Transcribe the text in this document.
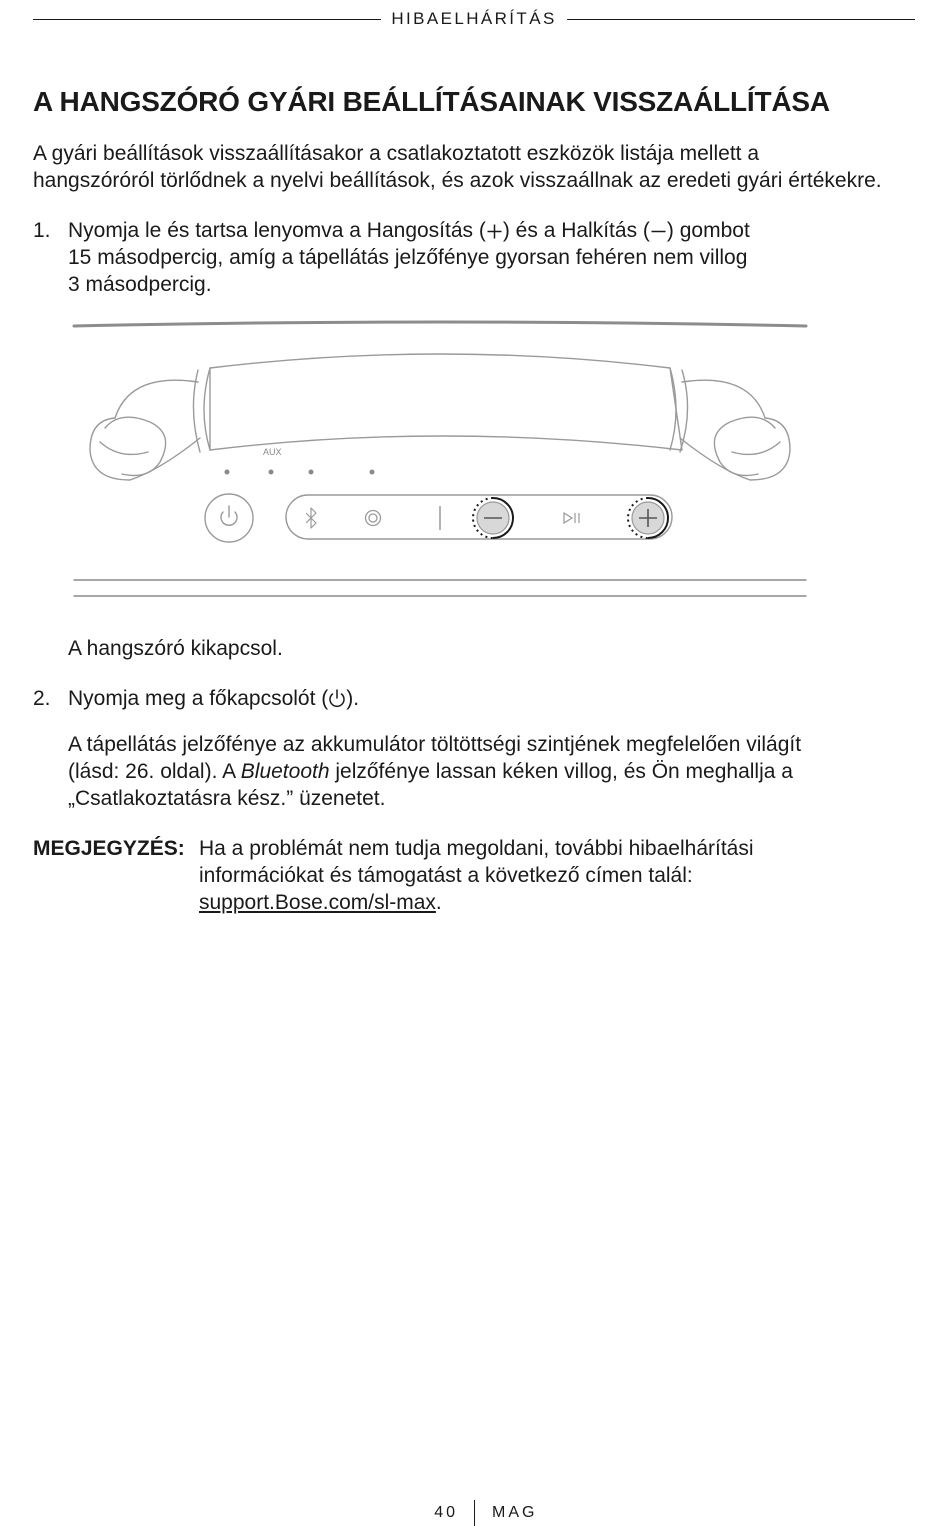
HIBAELHÁRÍTÁS
A HANGSZÓRÓ GYÁRI BEÁLLÍTÁSAINAK VISSZAÁLLÍTÁSA
A gyári beállítások visszaállításakor a csatlakoztatott eszközök listája mellett a
hangszóróról törlődnek a nyelvi beállítások, és azok visszaállnak az eredeti gyári értékekre.
1. Nyomja le és tartsa lenyomva a Hangosítás ( ) és a Halkítás ( ) gombot
15 másodpercig, amíg a tápellátás jelzőfénye gyorsan fehéren nem villog
3 másodpercig.
AUX
A hangszóró kikapcsol.
2. Nyomja meg a főkapcsolót ( ).
A tápellátás jelzőfénye az akkumulátor töltöttségi szintjének megfelelően világít
(lásd: 26. oldal). A Bluetooth jelzőfénye lassan kéken villog, és Ön meghallja a
„Csatlakoztatásra kész.” üzenetet.
MEGJEGYZÉS: Ha a problémát nem tudja megoldani, további hibaelhárítási
információkat és támogatást a következő címen talál:
support.Bose.com/sl-max.
40 MAG
